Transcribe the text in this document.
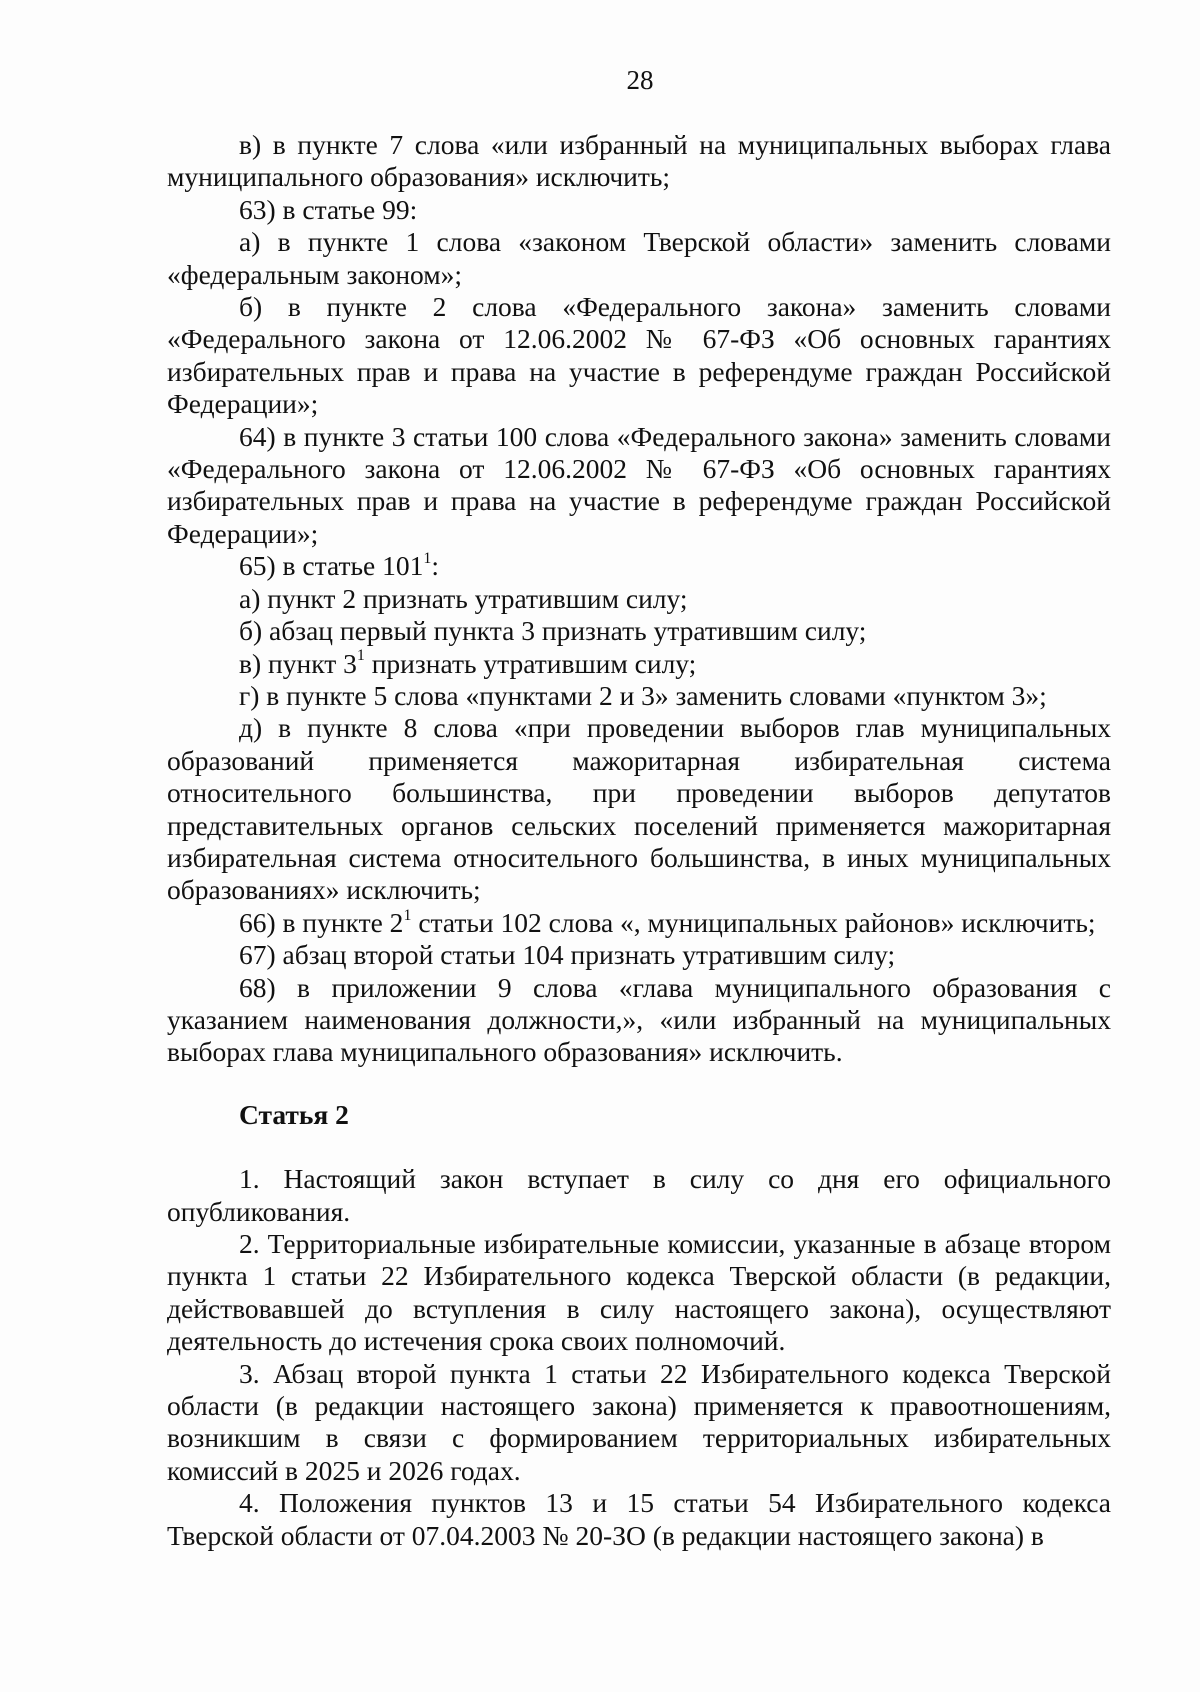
28

в) в пункте 7 слова «или избранный на муниципальных выборах глава муниципального образования» исключить;

63) в статье 99:

а) в пункте 1 слова «законом Тверской области» заменить словами «федеральным законом»;

б) в пункте 2 слова «Федерального закона» заменить словами «Федерального закона от 12.06.2002 № 67-ФЗ «Об основных гарантиях избирательных прав и права на участие в референдуме граждан Российской Федерации»;

64) в пункте 3 статьи 100 слова «Федерального закона» заменить словами «Федерального закона от 12.06.2002 № 67-ФЗ «Об основных гарантиях избирательных прав и права на участие в референдуме граждан Российской Федерации»;

65) в статье $101^1$:

а) пункт 2 признать утратившим силу;

б) абзац первый пункта 3 признать утратившим силу;

в) пункт $3^1$ признать утратившим силу;

г) в пункте 5 слова «пунктами 2 и 3» заменить словами «пунктом 3»;

д) в пункте 8 слова «при проведении выборов глав муниципальных образований применяется мажоритарная избирательная система относительного большинства, при проведении выборов депутатов представительных органов сельских поселений применяется мажоритарная избирательная система относительного большинства, в иных муниципальных образованиях» исключить;

66) в пункте $2^1$ статьи 102 слова «, муниципальных районов» исключить;

67) абзац второй статьи 104 признать утратившим силу;

68) в приложении 9 слова «глава муниципального образования с указанием наименования должности,», «или избранный на муниципальных выборах глава муниципального образования» исключить.

Статья 2

1. Настоящий закон вступает в силу со дня его официального опубликования.

2. Территориальные избирательные комиссии, указанные в абзаце втором пункта 1 статьи 22 Избирательного кодекса Тверской области (в редакции, действовавшей до вступления в силу настоящего закона), осуществляют деятельность до истечения срока своих полномочий.

3. Абзац второй пункта 1 статьи 22 Избирательного кодекса Тверской области (в редакции настоящего закона) применяется к правоотношениям, возникшим в связи с формированием территориальных избирательных комиссий в 2025 и 2026 годах.

4. Положения пунктов 13 и 15 статьи 54 Избирательного кодекса Тверской области от 07.04.2003 № 20-ЗО (в редакции настоящего закона) в
